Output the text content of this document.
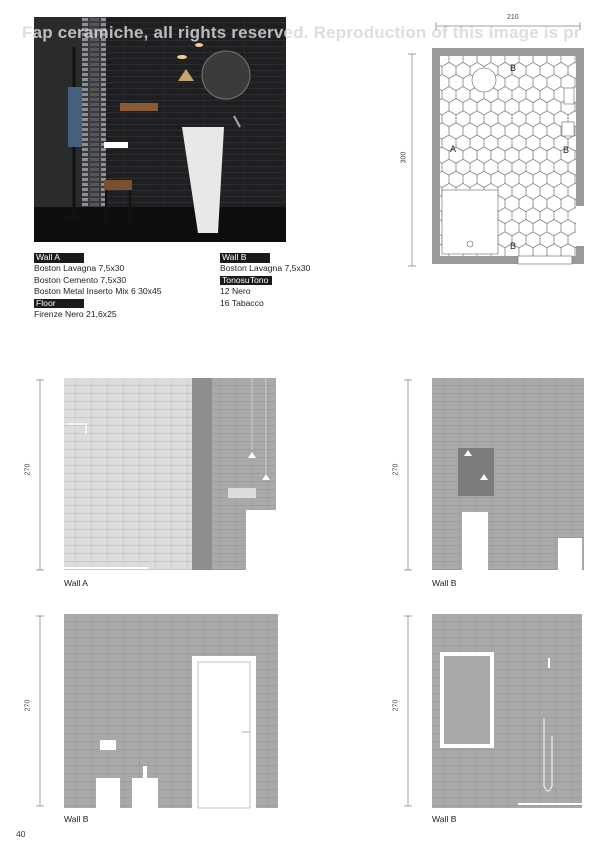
Fap ceramiche, all rights reserved. Reproduction of this image is pr
Wall A
Boston Lavagna 7,5x30
Boston Cemento 7,5x30
Boston Metal Inserto Mix 6 30x45
Floor
Firenze Nero 21,6x25
Wall B
Boston Lavagna 7,5x30
TonosuTono
12 Nero
16 Tabacco
210
300
A
B
B
B
270
Wall A
270
Wall B
270
Wall B
270
Wall B
40
